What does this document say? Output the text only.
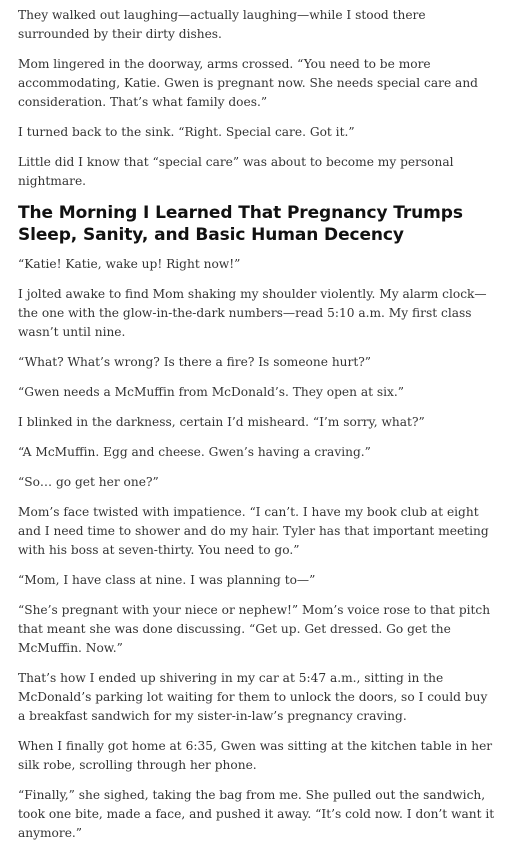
They walked out laughing—actually laughing—while I stood there surrounded by their dirty dishes.

Mom lingered in the doorway, arms crossed. “You need to be more accommodating, Katie. Gwen is pregnant now. She needs special care and consideration. That’s what family does.”

I turned back to the sink. “Right. Special care. Got it.”

Little did I know that “special care” was about to become my personal nightmare.

The Morning I Learned That Pregnancy Trumps Sleep, Sanity, and Basic Human Decency

“Katie! Katie, wake up! Right now!”

I jolted awake to find Mom shaking my shoulder violently. My alarm clock—the one with the glow-in-the-dark numbers—read 5:10 a.m. My first class wasn’t until nine.

“What? What’s wrong? Is there a fire? Is someone hurt?”

“Gwen needs a McMuffin from McDonald’s. They open at six.”

I blinked in the darkness, certain I’d misheard. “I’m sorry, what?”

“A McMuffin. Egg and cheese. Gwen’s having a craving.”

“So… go get her one?”

Mom’s face twisted with impatience. “I can’t. I have my book club at eight and I need time to shower and do my hair. Tyler has that important meeting with his boss at seven-thirty. You need to go.”

“Mom, I have class at nine. I was planning to—”

“She’s pregnant with your niece or nephew!” Mom’s voice rose to that pitch that meant she was done discussing. “Get up. Get dressed. Go get the McMuffin. Now.”

That’s how I ended up shivering in my car at 5:47 a.m., sitting in the McDonald’s parking lot waiting for them to unlock the doors, so I could buy a breakfast sandwich for my sister-in-law’s pregnancy craving.

When I finally got home at 6:35, Gwen was sitting at the kitchen table in her silk robe, scrolling through her phone.

“Finally,” she sighed, taking the bag from me. She pulled out the sandwich, took one bite, made a face, and pushed it away. “It’s cold now. I don’t want it anymore.”
